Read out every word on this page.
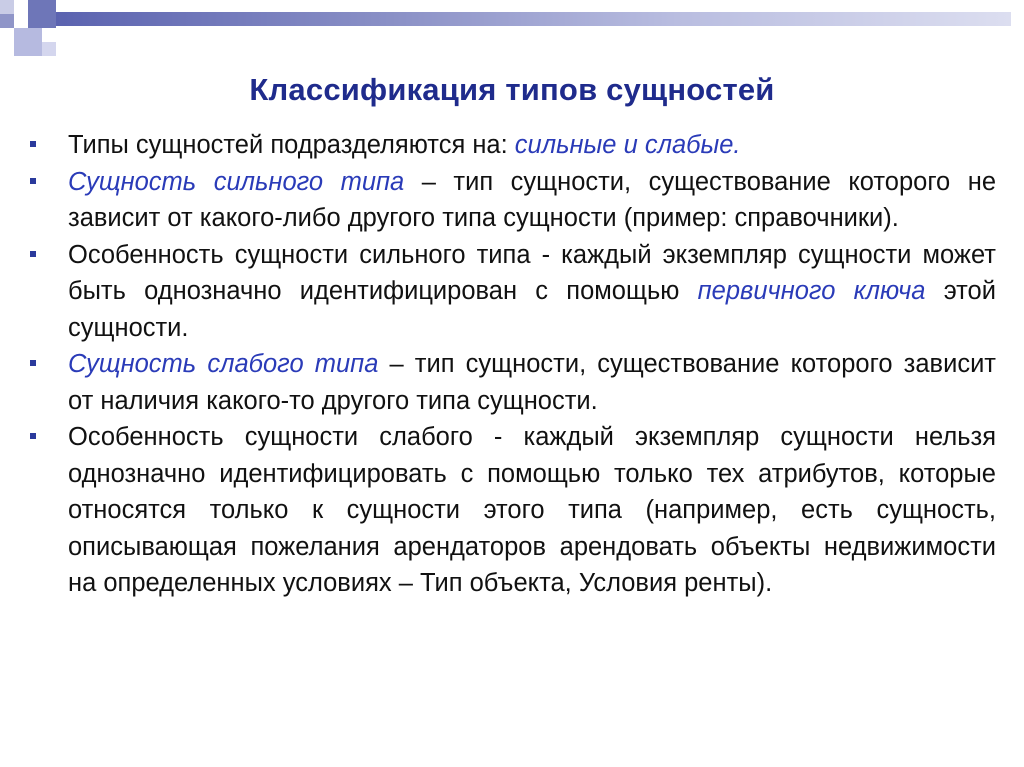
Классификация типов сущностей
Типы сущностей подразделяются на: сильные и слабые.
Сущность сильного типа – тип сущности, существование которого не зависит от какого-либо другого типа сущности (пример: справочники).
Особенность сущности сильного типа - каждый экземпляр сущности может быть однозначно идентифицирован с помощью первичного ключа этой сущности.
Сущность слабого типа – тип сущности, существование которого зависит от наличия какого-то другого типа сущности.
Особенность сущности слабого - каждый экземпляр сущности нельзя однозначно идентифицировать с помощью только тех атрибутов, которые относятся только к сущности этого типа (например, есть сущность, описывающая пожелания арендаторов арендовать объекты недвижимости на определенных условиях – Тип объекта, Условия ренты).
